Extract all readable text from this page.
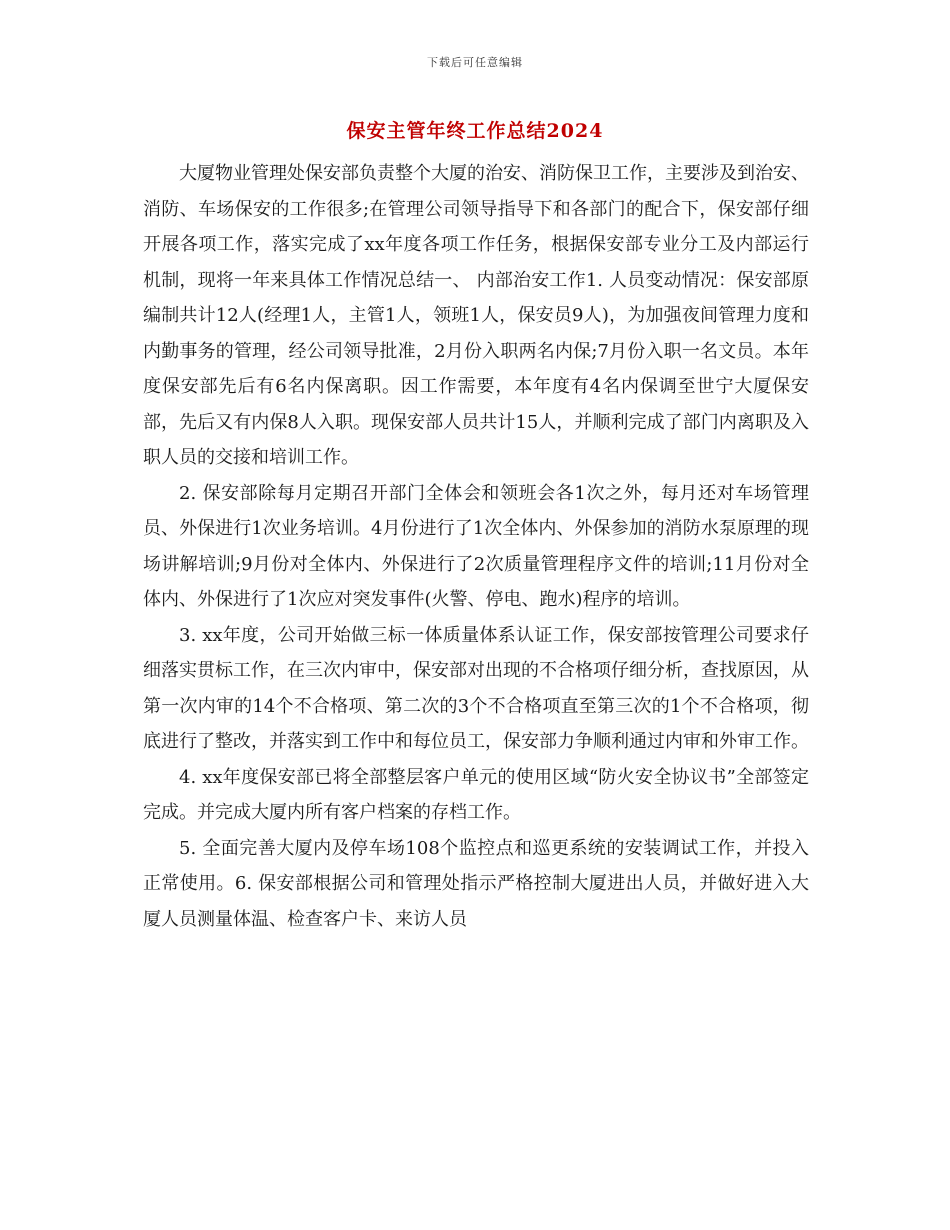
下载后可任意编辑
保安主管年终工作总结2024

大厦物业管理处保安部负责整个大厦的治安、消防保卫工作，主要涉及到治安、消防、车场保安的工作很多;在管理公司领导指导下和各部门的配合下，保安部仔细开展各项工作，落实完成了xx年度各项工作任务，根据保安部专业分工及内部运行机制，现将一年来具体工作情况总结一、 内部治安工作1. 人员变动情况：保安部原编制共计12人(经理1人，主管1人，领班1人，保安员9人)，为加强夜间管理力度和内勤事务的管理，经公司领导批准，2月份入职两名内保;7月份入职一名文员。本年度保安部先后有6名内保离职。因工作需要，本年度有4名内保调至世宁大厦保安部，先后又有内保8人入职。现保安部人员共计15人，并顺利完成了部门内离职及入职人员的交接和培训工作。

2. 保安部除每月定期召开部门全体会和领班会各1次之外，每月还对车场管理员、外保进行1次业务培训。4月份进行了1次全体内、外保参加的消防水泵原理的现场讲解培训;9月份对全体内、外保进行了2次质量管理程序文件的培训;11月份对全体内、外保进行了1次应对突发事件(火警、停电、跑水)程序的培训。

3. xx年度，公司开始做三标一体质量体系认证工作，保安部按管理公司要求仔细落实贯标工作，在三次内审中，保安部对出现的不合格项仔细分析，查找原因，从第一次内审的14个不合格项、第二次的3个不合格项直至第三次的1个不合格项，彻底进行了整改，并落实到工作中和每位员工，保安部力争顺利通过内审和外审工作。

4. xx年度保安部已将全部整层客户单元的使用区域“防火安全协议书”全部签定完成。并完成大厦内所有客户档案的存档工作。

5. 全面完善大厦内及停车场108个监控点和巡更系统的安装调试工作，并投入正常使用。6. 保安部根据公司和管理处指示严格控制大厦进出人员，并做好进入大厦人员测量体温、检查客户卡、来访人员
